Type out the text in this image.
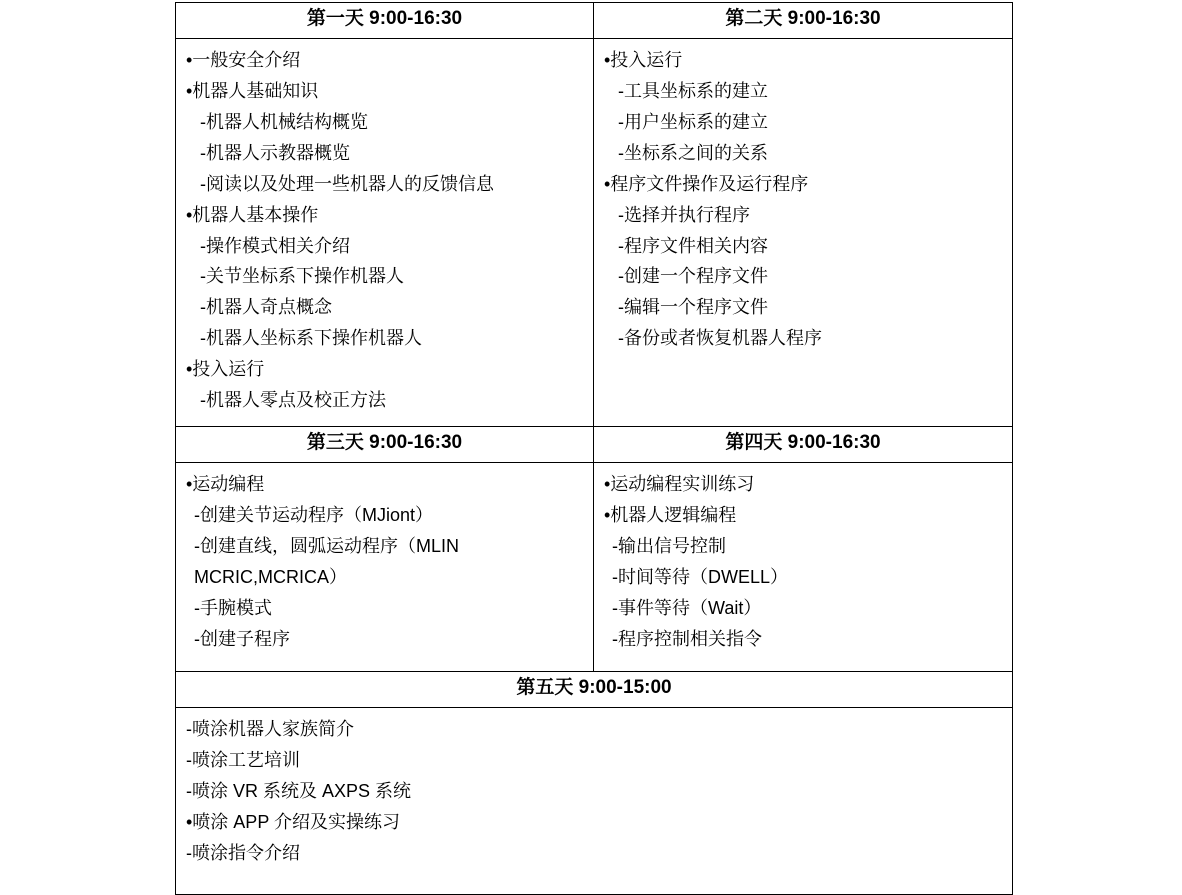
第一天 9:00-16:30	第二天 9:00-16:30

•一般安全介绍
•机器人基础知识
-机器人机械结构概览
-机器人示教器概览
-阅读以及处理一些机器人的反馈信息
•机器人基本操作
-操作模式相关介绍
-关节坐标系下操作机器人
-机器人奇点概念
-机器人坐标系下操作机器人
•投入运行
-机器人零点及校正方法

•投入运行
-工具坐标系的建立
-用户坐标系的建立
-坐标系之间的关系
•程序文件操作及运行程序
-选择并执行程序
-程序文件相关内容
-创建一个程序文件
-编辑一个程序文件
-备份或者恢复机器人程序

第三天 9:00-16:30	第四天 9:00-16:30

•运动编程
-创建关节运动程序（MJiont）
-创建直线，圆弧运动程序（MLIN MCRIC,MCRICA）
-手腕模式
-创建子程序

•运动编程实训练习
•机器人逻辑编程
-输出信号控制
-时间等待（DWELL）
-事件等待（Wait）
-程序控制相关指令

第五天 9:00-15:00	

-喷涂机器人家族简介
-喷涂工艺培训
-喷涂 VR 系统及 AXPS 系统
•喷涂 APP 介绍及实操练习
-喷涂指令介绍	
